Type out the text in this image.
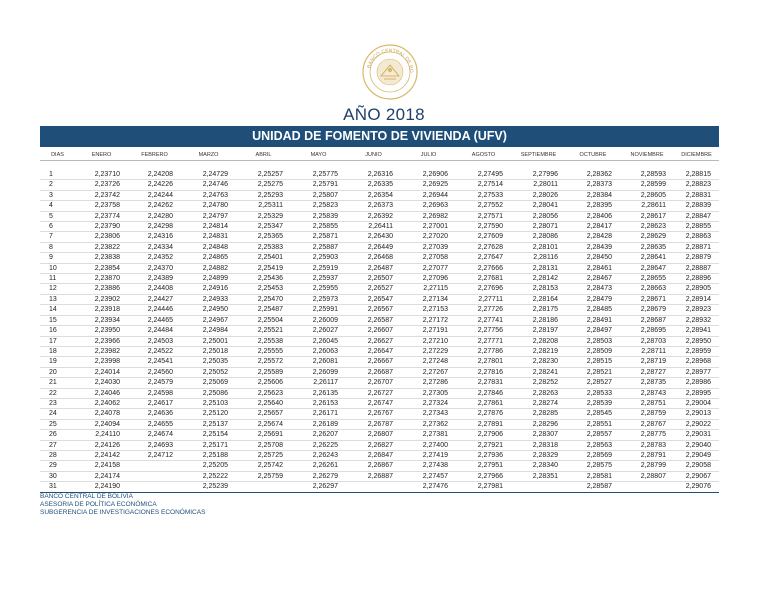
BANCO CENTRAL DE BO
AÑO 2018
UNIDAD DE FOMENTO DE VIVIENDA (UFV)
DIAS	ENERO	FEBRERO	MARZO	ABRIL	MAYO	JUNIO	JULIO	AGOSTO	SEPTIEMBRE	OCTUBRE	NOVIEMBRE	DICIEMBRE

1	2,23710	2,24208	2,24729	2,25257	2,25775	2,26316	2,26906	2,27495	2,27996	2,28362	2,28593	2,28815
2	2,23726	2,24226	2,24746	2,25275	2,25791	2,26335	2,26925	2,27514	2,28011	2,28373	2,28599	2,28823
3	2,23742	2,24244	2,24763	2,25293	2,25807	2,26354	2,26944	2,27533	2,28026	2,28384	2,28605	2,28831
4	2,23758	2,24262	2,24780	2,25311	2,25823	2,26373	2,26963	2,27552	2,28041	2,28395	2,28611	2,28839
5	2,23774	2,24280	2,24797	2,25329	2,25839	2,26392	2,26982	2,27571	2,28056	2,28406	2,28617	2,28847
6	2,23790	2,24298	2,24814	2,25347	2,25855	2,26411	2,27001	2,27590	2,28071	2,28417	2,28623	2,28855
7	2,23806	2,24316	2,24831	2,25365	2,25871	2,26430	2,27020	2,27609	2,28086	2,28428	2,28629	2,28863
8	2,23822	2,24334	2,24848	2,25383	2,25887	2,26449	2,27039	2,27628	2,28101	2,28439	2,28635	2,28871
9	2,23838	2,24352	2,24865	2,25401	2,25903	2,26468	2,27058	2,27647	2,28116	2,28450	2,28641	2,28879
10	2,23854	2,24370	2,24882	2,25419	2,25919	2,26487	2,27077	2,27666	2,28131	2,28461	2,28647	2,28887
11	2,23870	2,24389	2,24899	2,25436	2,25937	2,26507	2,27096	2,27681	2,28142	2,28467	2,28655	2,28896
12	2,23886	2,24408	2,24916	2,25453	2,25955	2,26527	2,27115	2,27696	2,28153	2,28473	2,28663	2,28905
13	2,23902	2,24427	2,24933	2,25470	2,25973	2,26547	2,27134	2,27711	2,28164	2,28479	2,28671	2,28914
14	2,23918	2,24446	2,24950	2,25487	2,25991	2,26567	2,27153	2,27726	2,28175	2,28485	2,28679	2,28923
15	2,23934	2,24465	2,24967	2,25504	2,26009	2,26587	2,27172	2,27741	2,28186	2,28491	2,28687	2,28932
16	2,23950	2,24484	2,24984	2,25521	2,26027	2,26607	2,27191	2,27756	2,28197	2,28497	2,28695	2,28941
17	2,23966	2,24503	2,25001	2,25538	2,26045	2,26627	2,27210	2,27771	2,28208	2,28503	2,28703	2,28950
18	2,23982	2,24522	2,25018	2,25555	2,26063	2,26647	2,27229	2,27786	2,28219	2,28509	2,28711	2,28959
19	2,23998	2,24541	2,25035	2,25572	2,26081	2,26667	2,27248	2,27801	2,28230	2,28515	2,28719	2,28968
20	2,24014	2,24560	2,25052	2,25589	2,26099	2,26687	2,27267	2,27816	2,28241	2,28521	2,28727	2,28977
21	2,24030	2,24579	2,25069	2,25606	2,26117	2,26707	2,27286	2,27831	2,28252	2,28527	2,28735	2,28986
22	2,24046	2,24598	2,25086	2,25623	2,26135	2,26727	2,27305	2,27846	2,28263	2,28533	2,28743	2,28995
23	2,24062	2,24617	2,25103	2,25640	2,26153	2,26747	2,27324	2,27861	2,28274	2,28539	2,28751	2,29004
24	2,24078	2,24636	2,25120	2,25657	2,26171	2,26767	2,27343	2,27876	2,28285	2,28545	2,28759	2,29013
25	2,24094	2,24655	2,25137	2,25674	2,26189	2,26787	2,27362	2,27891	2,28296	2,28551	2,28767	2,29022
26	2,24110	2,24674	2,25154	2,25691	2,26207	2,26807	2,27381	2,27906	2,28307	2,28557	2,28775	2,29031
27	2,24126	2,24693	2,25171	2,25708	2,26225	2,26827	2,27400	2,27921	2,28318	2,28563	2,28783	2,29040
28	2,24142	2,24712	2,25188	2,25725	2,26243	2,26847	2,27419	2,27936	2,28329	2,28569	2,28791	2,29049
29	2,24158		2,25205	2,25742	2,26261	2,26867	2,27438	2,27951	2,28340	2,28575	2,28799	2,29058
30	2,24174		2,25222	2,25759	2,26279	2,26887	2,27457	2,27966	2,28351	2,28581	2,28807	2,29067
31	2,24190		2,25239		2,26297		2,27476	2,27981		2,28587		2,29076
BANCO CENTRAL DE BOLIVIA
ASESORIA DE POLÍTICA ECONÓMICA
SUBGERENCIA DE INVESTIGACIONES ECONÓMICAS
